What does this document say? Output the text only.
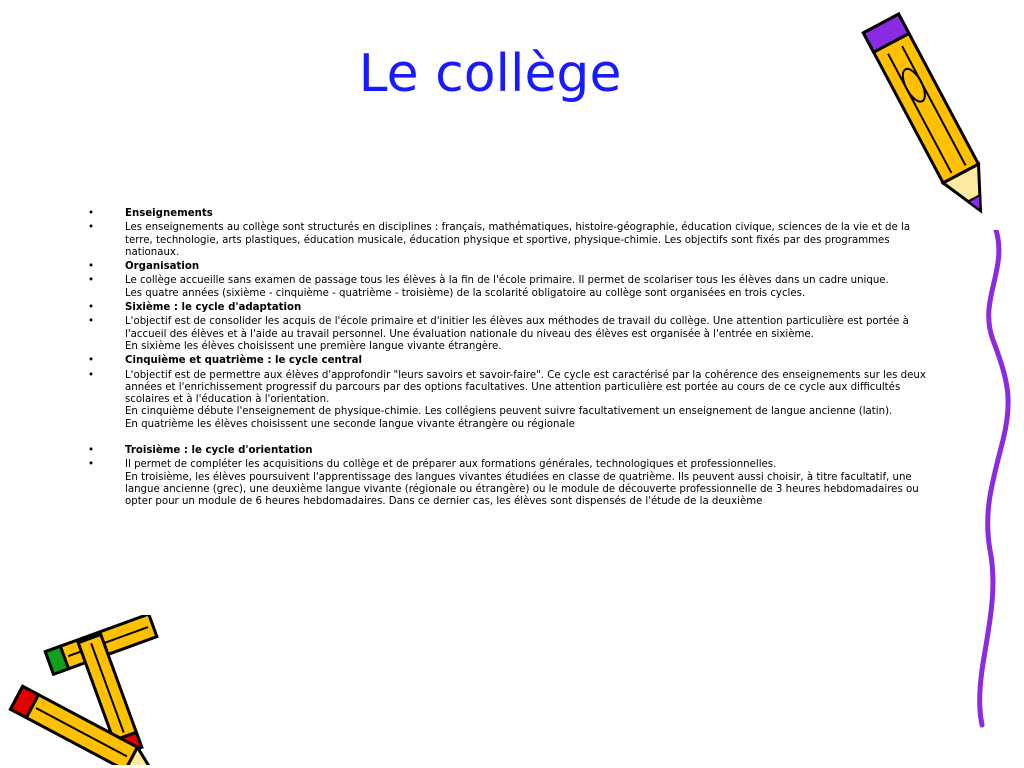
Le collège
•	Enseignements
•	Les enseignements au collège sont structurés en disciplines : français, mathématiques, histoire-géographie, éducation civique, sciences de la vie et de la terre, technologie, arts plastiques, éducation musicale, éducation physique et sportive, physique-chimie. Les objectifs sont fixés par des programmes nationaux.
•	Organisation
•	Le collège accueille sans examen de passage tous les élèves à la fin de l'école primaire. Il permet de scolariser tous les élèves dans un cadre unique.
Les quatre années (sixième - cinquième - quatrième - troisième) de la scolarité obligatoire au collège sont organisées en trois cycles.
•	Sixième : le cycle d'adaptation
•	L'objectif est de consolider les acquis de l'école primaire et d'initier les élèves aux méthodes de travail du collège. Une attention particulière est portée à l'accueil des élèves et à l'aide au travail personnel. Une évaluation nationale du niveau des élèves est organisée à l'entrée en sixième.
En sixième les élèves choisissent une première langue vivante étrangère.
•	Cinquième et quatrième : le cycle central
•	L'objectif est de permettre aux élèves d'approfondir "leurs savoirs et savoir-faire". Ce cycle est caractérisé par la cohérence des enseignements sur les deux années et l'enrichissement progressif du parcours par des options facultatives. Une attention particulière est portée au cours de ce cycle aux difficultés scolaires et à l'éducation à l'orientation.
En cinquième débute l'enseignement de physique-chimie. Les collégiens peuvent suivre facultativement un enseignement de langue ancienne (latin).
En quatrième les élèves choisissent une seconde langue vivante étrangère ou régionale
•	Troisième : le cycle d'orientation
•	Il permet de compléter les acquisitions du collège et de préparer aux formations générales, technologiques et professionnelles.
En troisième, les élèves poursuivent l'apprentissage des langues vivantes étudiées en classe de quatrième. Ils peuvent aussi choisir, à titre facultatif, une langue ancienne (grec), une deuxième langue vivante (régionale ou étrangère) ou le module de découverte professionnelle de 3 heures hebdomadaires ou opter pour un module de 6 heures hebdomadaires. Dans ce dernier cas, les élèves sont dispensés de l'étude de la deuxième
